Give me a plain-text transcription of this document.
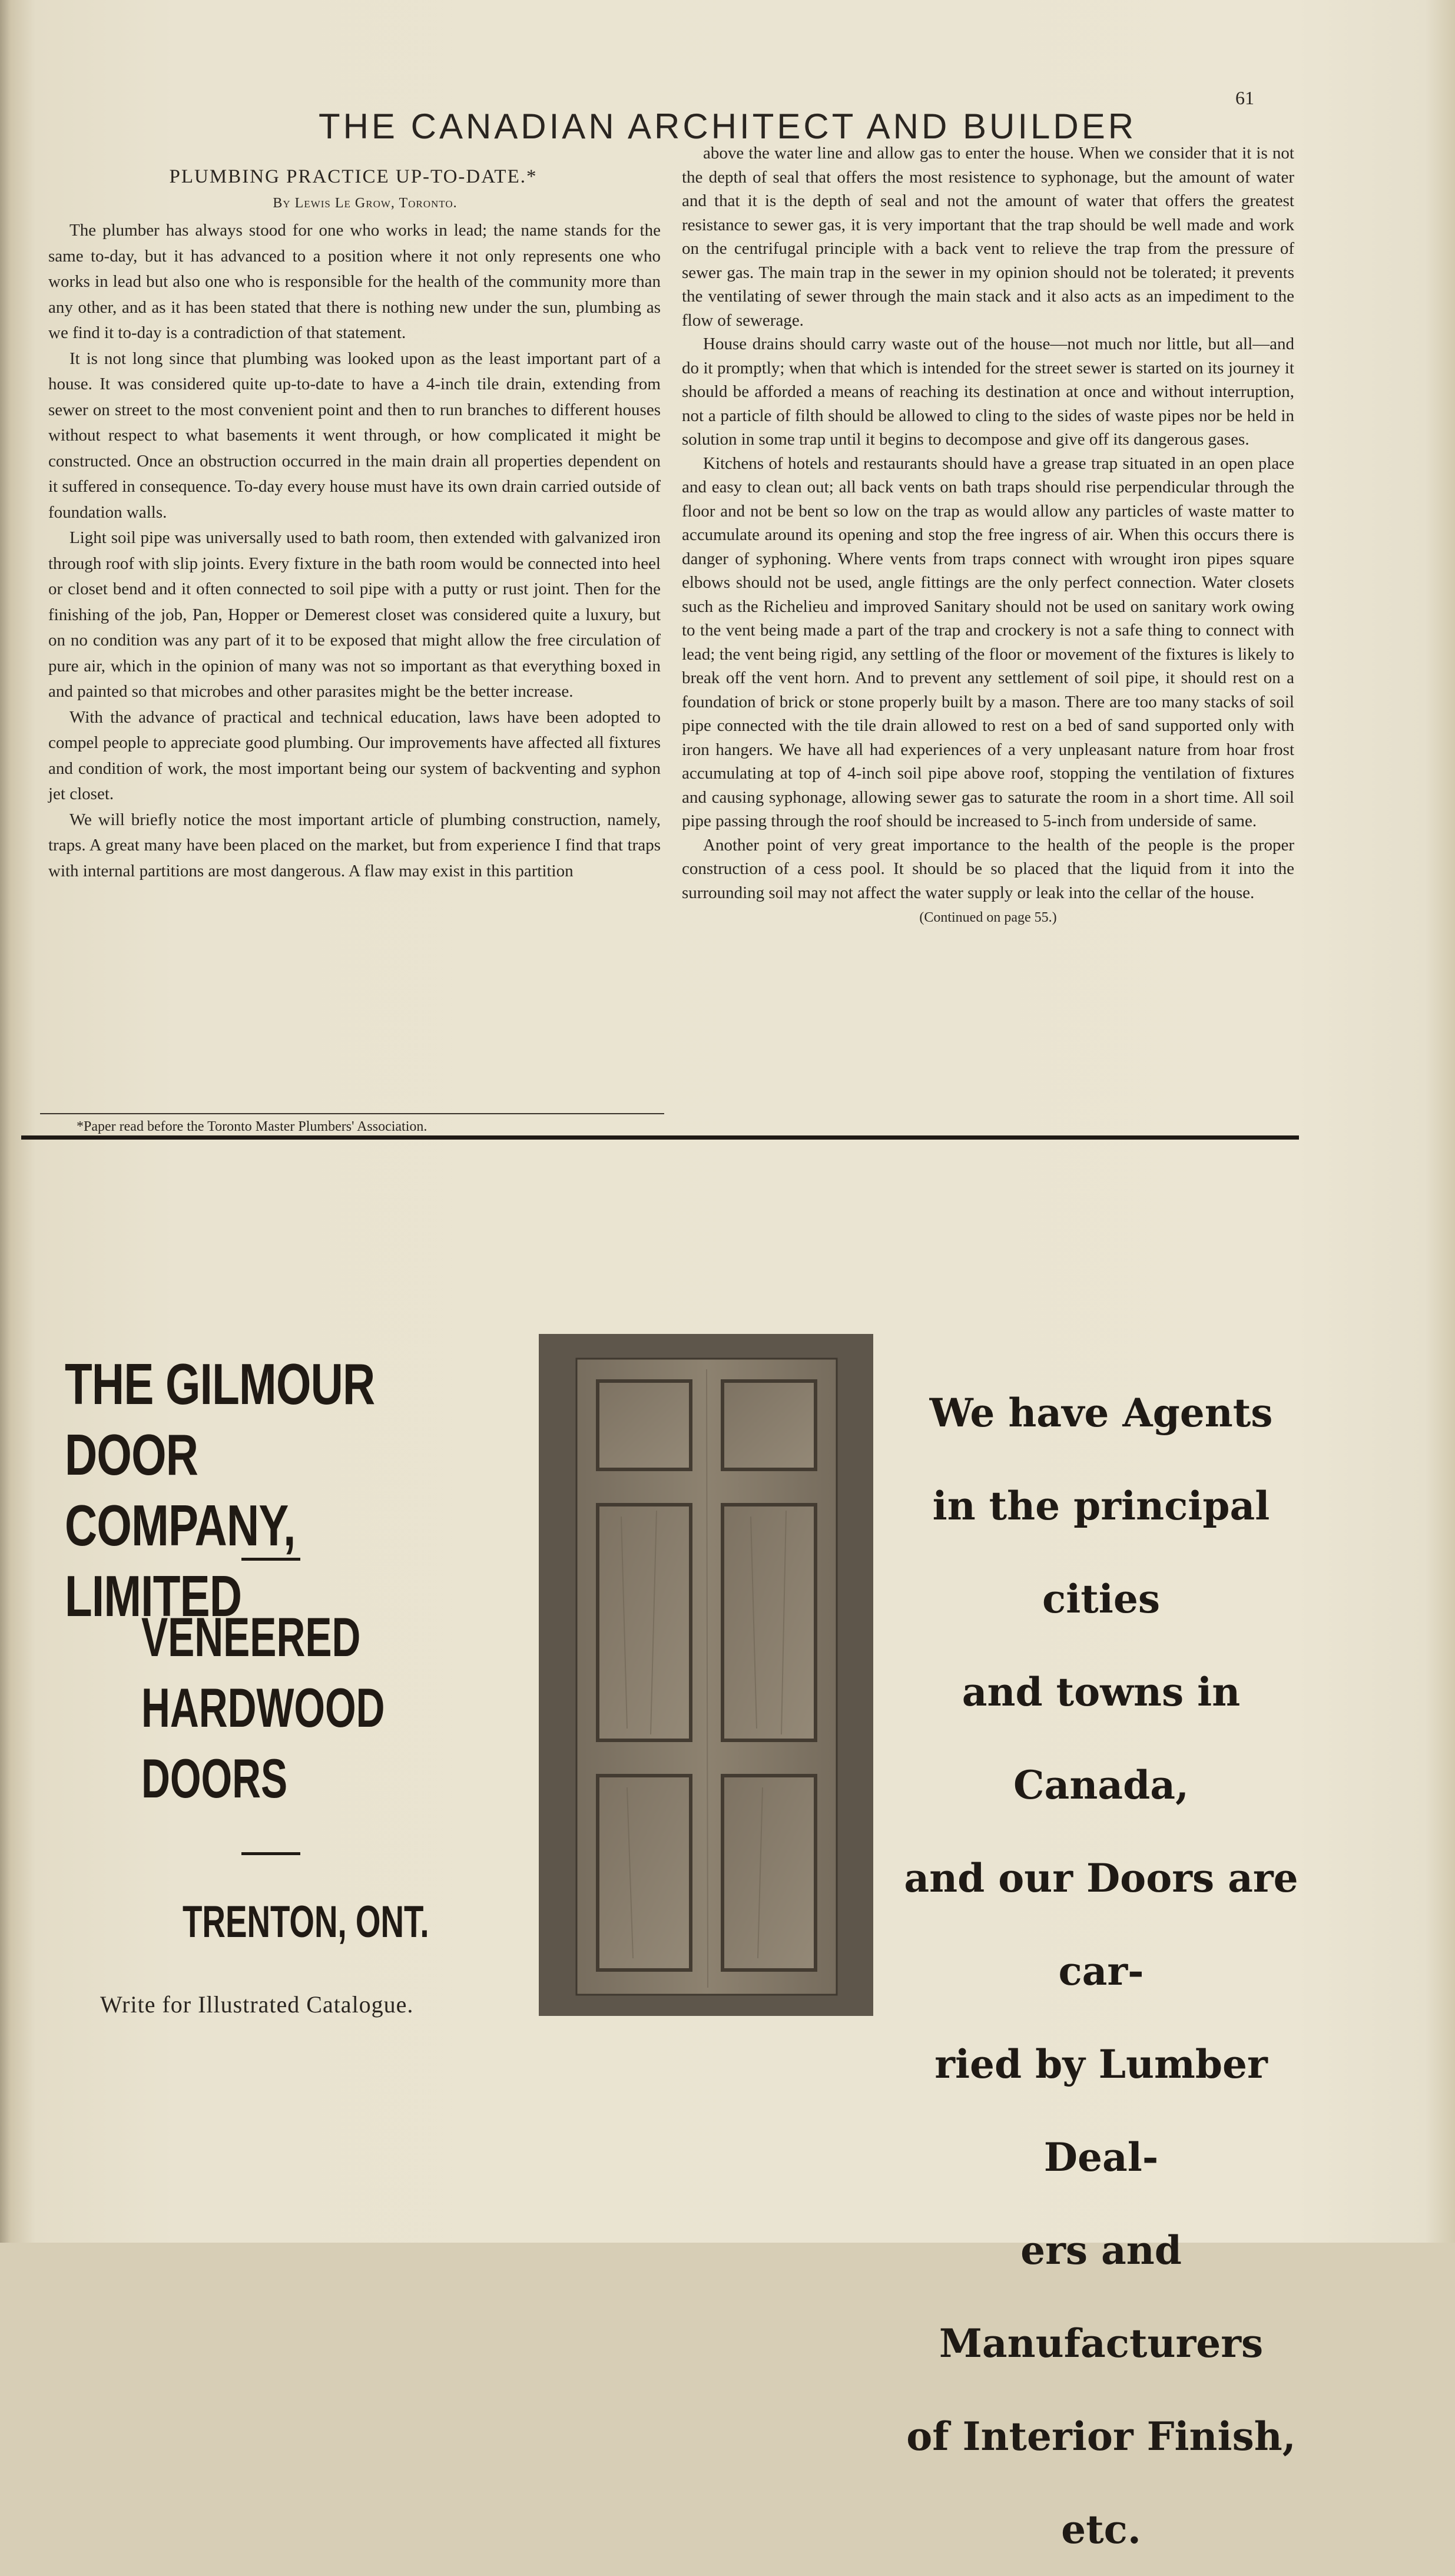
THE CANADIAN ARCHITECT AND BUILDER
61
PLUMBING PRACTICE UP-TO-DATE.*
By Lewis Le Grow, Toronto.

The plumber has always stood for one who works in lead; the name stands for the same to-day, but it has advanced to a position where it not only represents one who works in lead but also one who is responsible for the health of the community more than any other, and as it has been stated that there is nothing new under the sun, plumbing as we find it to-day is a contradiction of that statement.

It is not long since that plumbing was looked upon as the least important part of a house. It was considered quite up-to-date to have a 4-inch tile drain, extending from sewer on street to the most convenient point and then to run branches to different houses without respect to what basements it went through, or how complicated it might be constructed. Once an obstruction occurred in the main drain all properties dependent on it suffered in consequence. To-day every house must have its own drain carried outside of foundation walls.

Light soil pipe was universally used to bath room, then extended with galvanized iron through roof with slip joints. Every fixture in the bath room would be connected into heel or closet bend and it often connected to soil pipe with a putty or rust joint. Then for the finishing of the job, Pan, Hopper or Demerest closet was considered quite a luxury, but on no condition was any part of it to be exposed that might allow the free circulation of pure air, which in the opinion of many was not so important as that everything boxed in and painted so that microbes and other parasites might be the better increase.

With the advance of practical and technical education, laws have been adopted to compel people to appreciate good plumbing. Our improvements have affected all fixtures and condition of work, the most important being our system of backventing and syphon jet closet.

We will briefly notice the most important article of plumbing construction, namely, traps. A great many have been placed on the market, but from experience I find that traps with internal partitions are most dangerous. A flaw may exist in this partition

above the water line and allow gas to enter the house. When we consider that it is not the depth of seal that offers the most resistence to syphonage, but the amount of water and that it is the depth of seal and not the amount of water that offers the greatest resistance to sewer gas, it is very important that the trap should be well made and work on the centrifugal principle with a back vent to relieve the trap from the pressure of sewer gas. The main trap in the sewer in my opinion should not be tolerated; it prevents the ventilating of sewer through the main stack and it also acts as an impediment to the flow of sewerage.

House drains should carry waste out of the house—not much nor little, but all—and do it promptly; when that which is intended for the street sewer is started on its journey it should be afforded a means of reaching its destination at once and without interruption, not a particle of filth should be allowed to cling to the sides of waste pipes nor be held in solution in some trap until it begins to decompose and give off its dangerous gases.

Kitchens of hotels and restaurants should have a grease trap situated in an open place and easy to clean out; all back vents on bath traps should rise perpendicular through the floor and not be bent so low on the trap as would allow any particles of waste matter to accumulate around its opening and stop the free ingress of air. When this occurs there is danger of syphoning. Where vents from traps connect with wrought iron pipes square elbows should not be used, angle fittings are the only perfect connection. Water closets such as the Richelieu and improved Sanitary should not be used on sanitary work owing to the vent being made a part of the trap and crockery is not a safe thing to connect with lead; the vent being rigid, any settling of the floor or movement of the fixtures is likely to break off the vent horn. And to prevent any settlement of soil pipe, it should rest on a foundation of brick or stone properly built by a mason. There are too many stacks of soil pipe connected with the tile drain allowed to rest on a bed of sand supported only with iron hangers. We have all had experiences of a very unpleasant nature from hoar frost accumulating at top of 4-inch soil pipe above roof, stopping the ventilation of fixtures and causing syphonage, allowing sewer gas to saturate the room in a short time. All soil pipe passing through the roof should be increased to 5-inch from underside of same.

Another point of very great importance to the health of the people is the proper construction of a cess pool. It should be so placed that the liquid from it into the surrounding soil may not affect the water supply or leak into the cellar of the house.

(Continued on page 55.)

*Paper read before the Toronto Master Plumbers' Association.
THE GILMOUR DOOR
COMPANY, LIMITED
VENEERED
HARDWOOD
DOORS
TRENTON, ONT.
Write for Illustrated Catalogue.
We have Agents
in the principal cities
and towns in Canada,
and our Doors are car-
ried by Lumber Deal-
ers and Manufacturers
of Interior Finish, etc.
